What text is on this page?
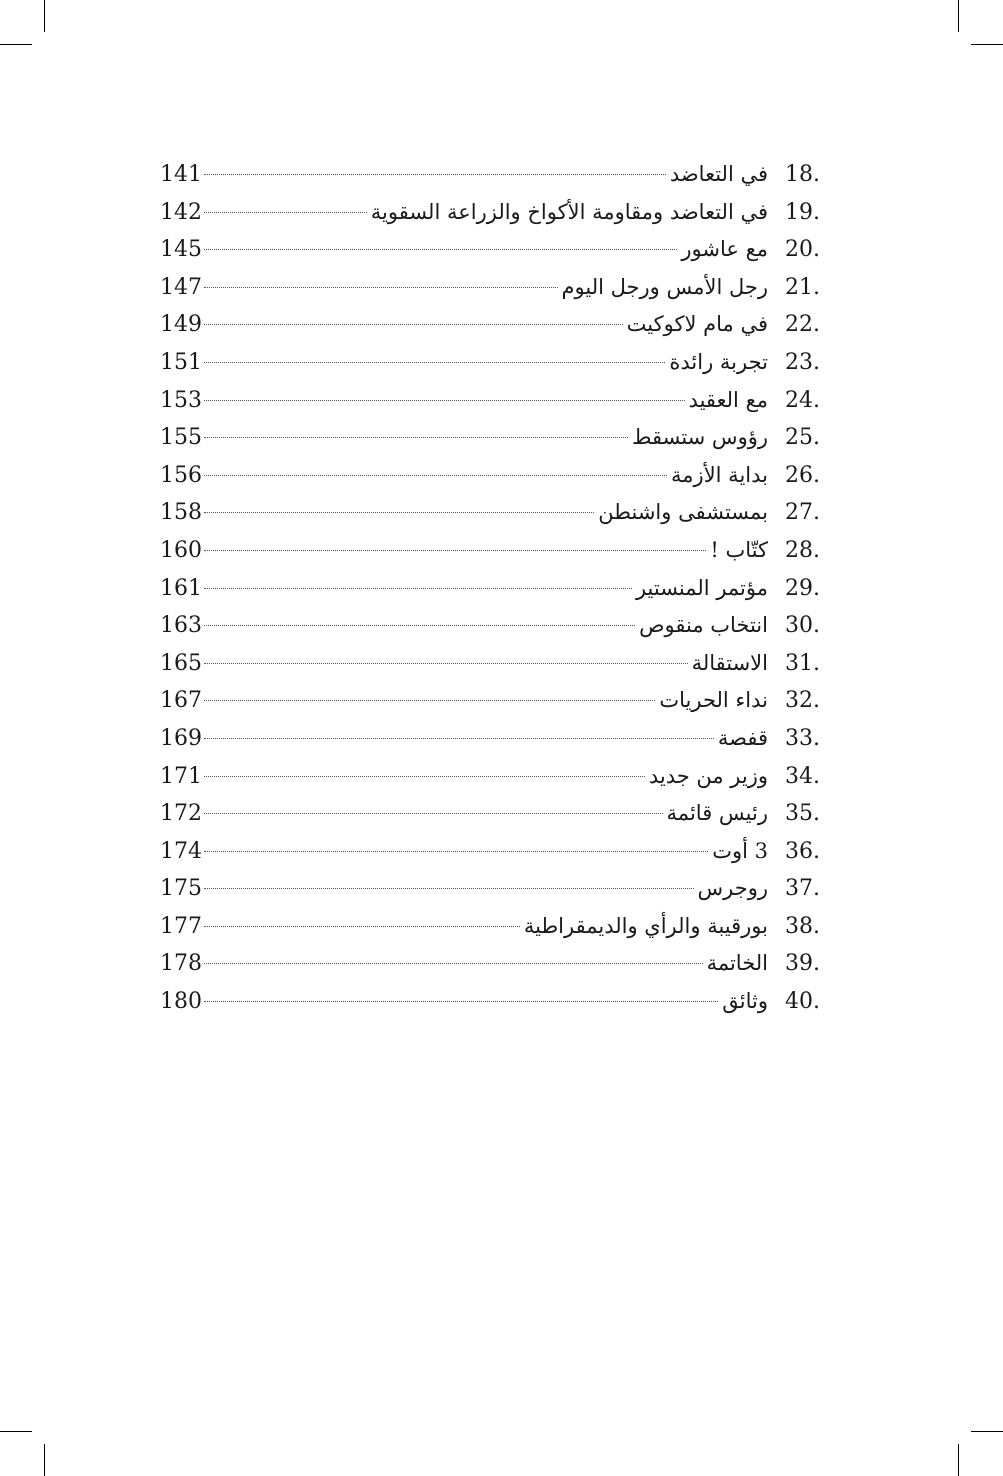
141	في التعاضد 18.
142	في التعاضد ومقاومة الأكواخ والزراعة السقوية 19.
145	مع عاشور 20.
147	رجل الأمس ورجل اليوم 21.
149	في مام لاكوكيت 22.
151	تجربة رائدة 23.
153	مع العقيد 24.
155	رؤوس ستسقط 25.
156	بداية الأزمة 26.
158	بمستشفى واشنطن 27.
160	كتّاب ! 28.
161	مؤتمر المنستير 29.
163	انتخاب منقوص 30.
165	الاستقالة 31.
167	نداء الحريات 32.
169	قفصة 33.
171	وزير من جديد 34.
172	رئيس قائمة 35.
174	3 أوت 36.
175	روجرس 37.
177	بورقيبة والرأي والديمقراطية 38.
178	الخاتمة 39.
180	وثائق 40.
